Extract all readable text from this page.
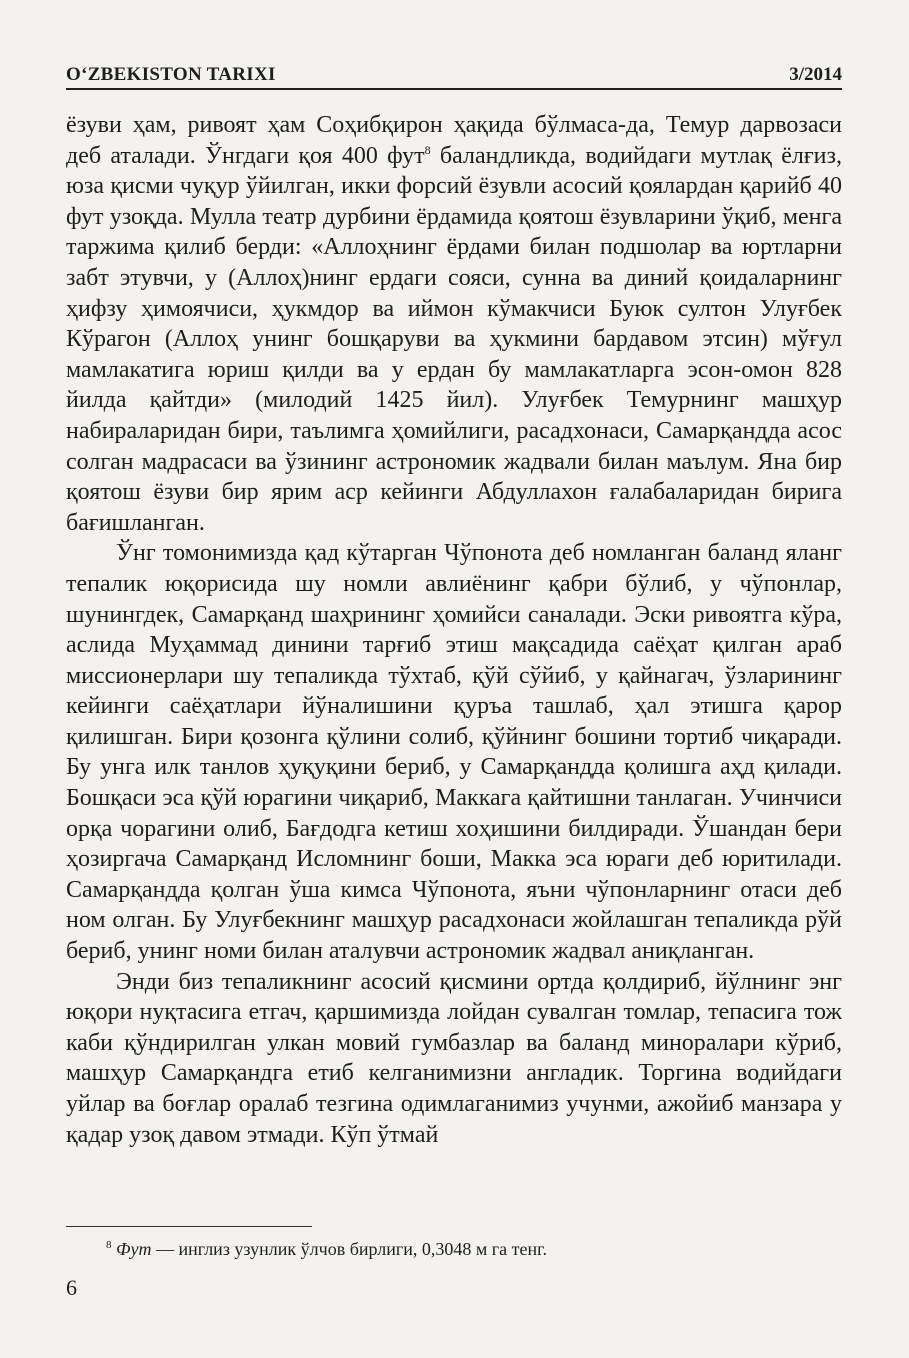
O‘ZBEKISTON TARIXI	3/2014

ёзуви ҳам, ривоят ҳам Соҳибқирон ҳақида бўлмаса-да, Темур дарвозаси деб аталади. Ўнгдаги қоя 400 фут$^8$ баландликда, водийдаги мутлақ ёлғиз, юза қисми чуқур ўйилган, икки форсий ёзувли асосий қоялардан қарийб 40 фут узоқда. Мулла театр дурбини ёрдамида қоятош ёзувларини ўқиб, менга таржима қилиб берди: «Аллоҳнинг ёрдами билан подшолар ва юртларни забт этувчи, у (Аллоҳ)нинг ердаги сояси, сунна ва диний қоидаларнинг ҳифзу ҳимоячиси, ҳукмдор ва иймон кўмакчиси Буюк султон Улуғбек Кўрагон (Аллоҳ унинг бошқаруви ва ҳукмини бардавом этсин) мўғул мамлакатига юриш қилди ва у ердан бу мамлакатларга эсон-омон 828 йилда қайтди» (милодий 1425 йил). Улуғбек Темурнинг машҳур набираларидан бири, таълимга ҳомийлиги, расадхонаси, Самарқандда асос солган мадрасаси ва ўзининг астрономик жадвали билан маълум. Яна бир қоятош ёзуви бир ярим аср кейинги Абдуллахон ғалабаларидан бирига бағишланган.

Ўнг томонимизда қад кўтарган Чўпонота деб номланган баланд яланг тепалик юқорисида шу номли авлиёнинг қабри бўлиб, у чўпонлар, шунингдек, Самарқанд шаҳрининг ҳомийси саналади. Эски ривоятга кўра, аслида Муҳаммад динини тарғиб этиш мақсадида саёҳат қилган араб миссионерлари шу тепаликда тўхтаб, қўй сўйиб, у қайнагач, ўзларининг кейинги саёҳатлари йўналишини қуръа ташлаб, ҳал этишга қарор қилишган. Бири қозонга қўлини солиб, қўйнинг бошини тортиб чиқаради. Бу унга илк танлов ҳуқуқини бериб, у Самарқандда қолишга аҳд қилади. Бошқаси эса қўй юрагини чиқариб, Маккага қайтишни танлаган. Учинчиси орқа чорагини олиб, Бағдодга кетиш хоҳишини билдиради. Ўшандан бери ҳозиргача Самарқанд Исломнинг боши, Макка эса юраги деб юритилади. Самарқандда қолган ўша кимса Чўпонота, яъни чўпонларнинг отаси деб ном олган. Бу Улуғбекнинг машҳур расадхонаси жойлашган тепаликда рўй бериб, унинг номи билан аталувчи астрономик жадвал аниқланган.

Энди биз тепаликнинг асосий қисмини ортда қолдириб, йўлнинг энг юқори нуқтасига етгач, қаршимизда лойдан сувалган томлар, тепасига тож каби қўндирилган улкан мовий гумбазлар ва баланд миноралари кўриб, машҳур Самарқандга етиб келганимизни англадик. Торгина водийдаги уйлар ва боғлар оралаб тезгина одимлаганимиз учунми, ажойиб манзара у қадар узоқ давом этмади. Кўп ўтмай

$^8$ Фут — инглиз узунлик ўлчов бирлиги, 0,3048 м га тенг.
6
